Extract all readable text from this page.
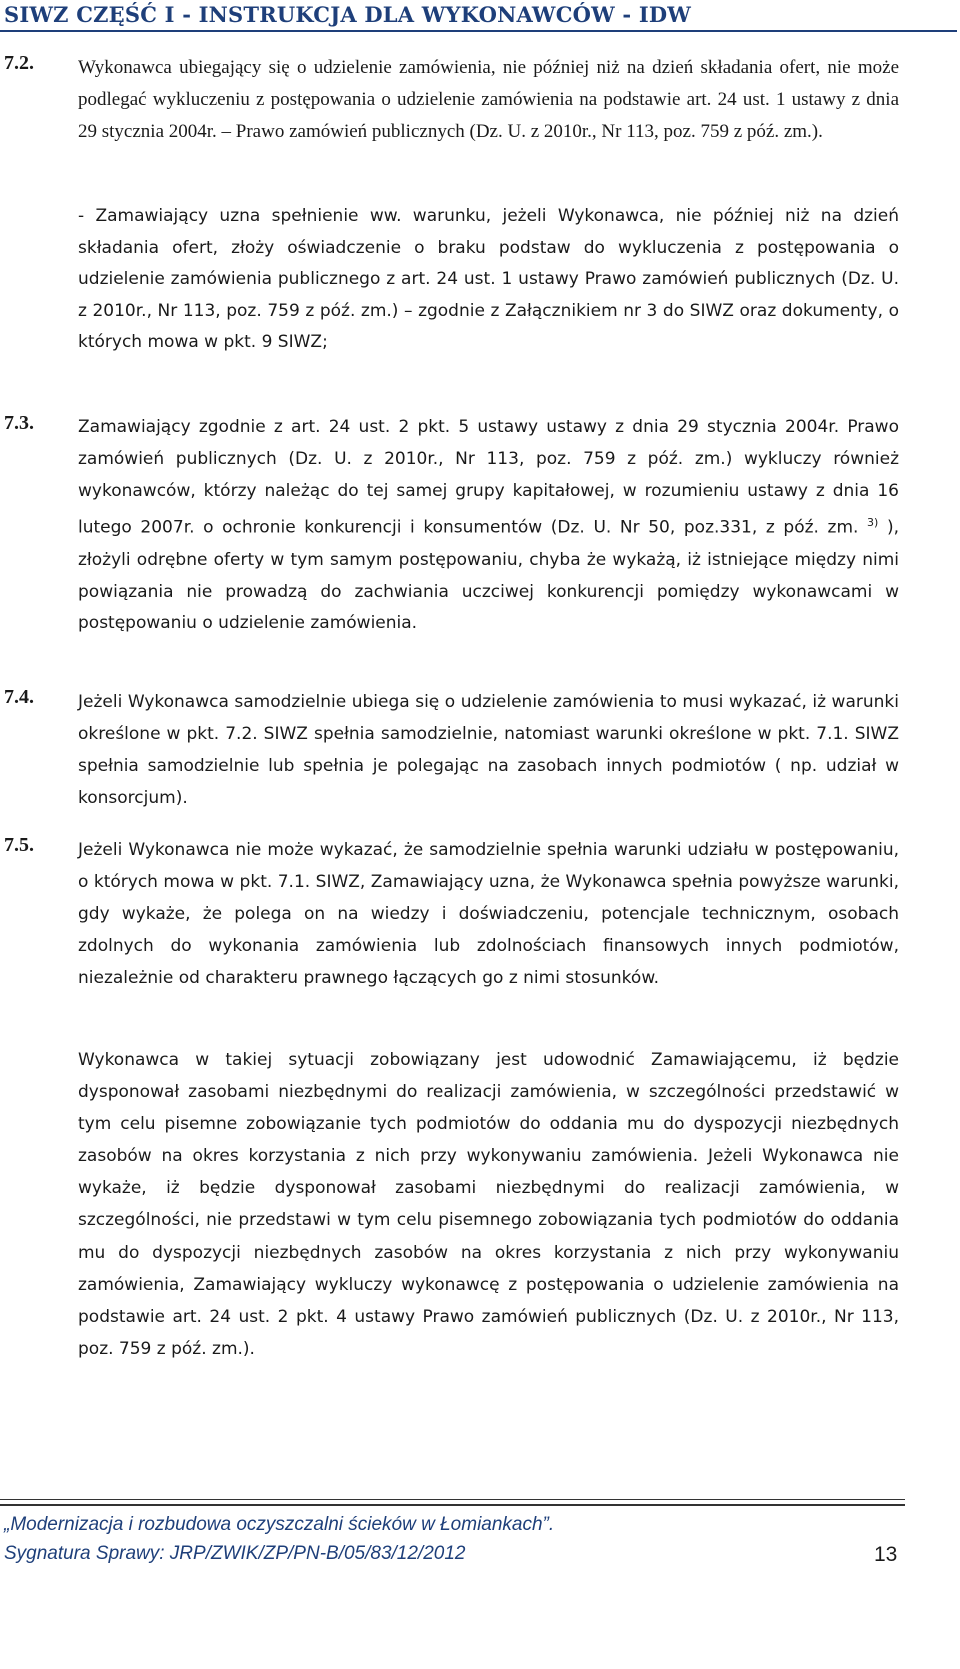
SIWZ CZĘŚĆ I - INSTRUKCJA DLA WYKONAWCÓW - IDW
7.2. Wykonawca ubiegający się o udzielenie zamówienia, nie później niż na dzień składania ofert, nie może podlegać wykluczeniu z postępowania o udzielenie zamówienia na podstawie art. 24 ust. 1 ustawy z dnia 29 stycznia 2004r. – Prawo zamówień publicznych (Dz. U. z 2010r., Nr 113, poz. 759 z póź. zm.).
- Zamawiający uzna spełnienie ww. warunku, jeżeli Wykonawca, nie później niż na dzień składania ofert, złoży oświadczenie o braku podstaw do wykluczenia z postępowania o udzielenie zamówienia publicznego z art. 24 ust. 1 ustawy Prawo zamówień publicznych (Dz. U. z 2010r., Nr 113, poz. 759 z póź. zm.) – zgodnie z Załącznikiem nr 3 do SIWZ oraz dokumenty, o których mowa w pkt. 9 SIWZ;
7.3.	Zamawiający zgodnie z art. 24 ust. 2 pkt. 5 ustawy ustawy z dnia 29 stycznia 2004r. Prawo zamówień publicznych (Dz. U. z 2010r., Nr 113, poz. 759 z póź. zm.) wykluczy również wykonawców, którzy należąc do tej samej grupy kapitałowej, w rozumieniu ustawy z dnia 16 lutego 2007r. o ochronie konkurencji i konsumentów (Dz. U. Nr 50, poz.331, z póź. zm. $^{3)}$ ), złożyli odrębne oferty w tym samym postępowaniu, chyba że wykażą, iż istniejące między nimi powiązania nie prowadzą do zachwiania uczciwej konkurencji pomiędzy wykonawcami w postępowaniu o udzielenie zamówienia.
7.4.	Jeżeli Wykonawca samodzielnie ubiega się o udzielenie zamówienia to musi wykazać, iż warunki określone w pkt. 7.2. SIWZ spełnia samodzielnie, natomiast warunki określone w pkt. 7.1. SIWZ spełnia samodzielnie lub spełnia je polegając na zasobach innych podmiotów ( np. udział w konsorcjum).
7.5.	Jeżeli Wykonawca nie może wykazać, że samodzielnie spełnia warunki udziału w postępowaniu, o których mowa w pkt. 7.1. SIWZ, Zamawiający uzna, że Wykonawca spełnia powyższe warunki, gdy wykaże, że polega on na wiedzy i doświadczeniu, potencjale technicznym, osobach zdolnych do wykonania zamówienia lub zdolnościach finansowych innych podmiotów, niezależnie od charakteru prawnego łączących go z nimi stosunków.
Wykonawca w takiej sytuacji zobowiązany jest udowodnić Zamawiającemu, iż będzie dysponował zasobami niezbędnymi do realizacji zamówienia, w szczególności przedstawić w tym celu pisemne zobowiązanie tych podmiotów do oddania mu do dyspozycji niezbędnych zasobów na okres korzystania z nich przy wykonywaniu zamówienia. Jeżeli Wykonawca nie wykaże, iż będzie dysponował zasobami niezbędnymi do realizacji zamówienia, w szczególności, nie przedstawi w tym celu pisemnego zobowiązania tych podmiotów do oddania mu do dyspozycji niezbędnych zasobów na okres korzystania z nich przy wykonywaniu zamówienia, Zamawiający wykluczy wykonawcę z postępowania o udzielenie zamówienia na podstawie art. 24 ust. 2 pkt. 4 ustawy Prawo zamówień publicznych (Dz. U. z 2010r., Nr 113, poz. 759 z póź. zm.).
„Modernizacja i rozbudowa oczyszczalni ścieków w Łomiankach”.
Sygnatura Sprawy: JRP/ZWIK/ZP/PN-B/05/83/12/2012	13
